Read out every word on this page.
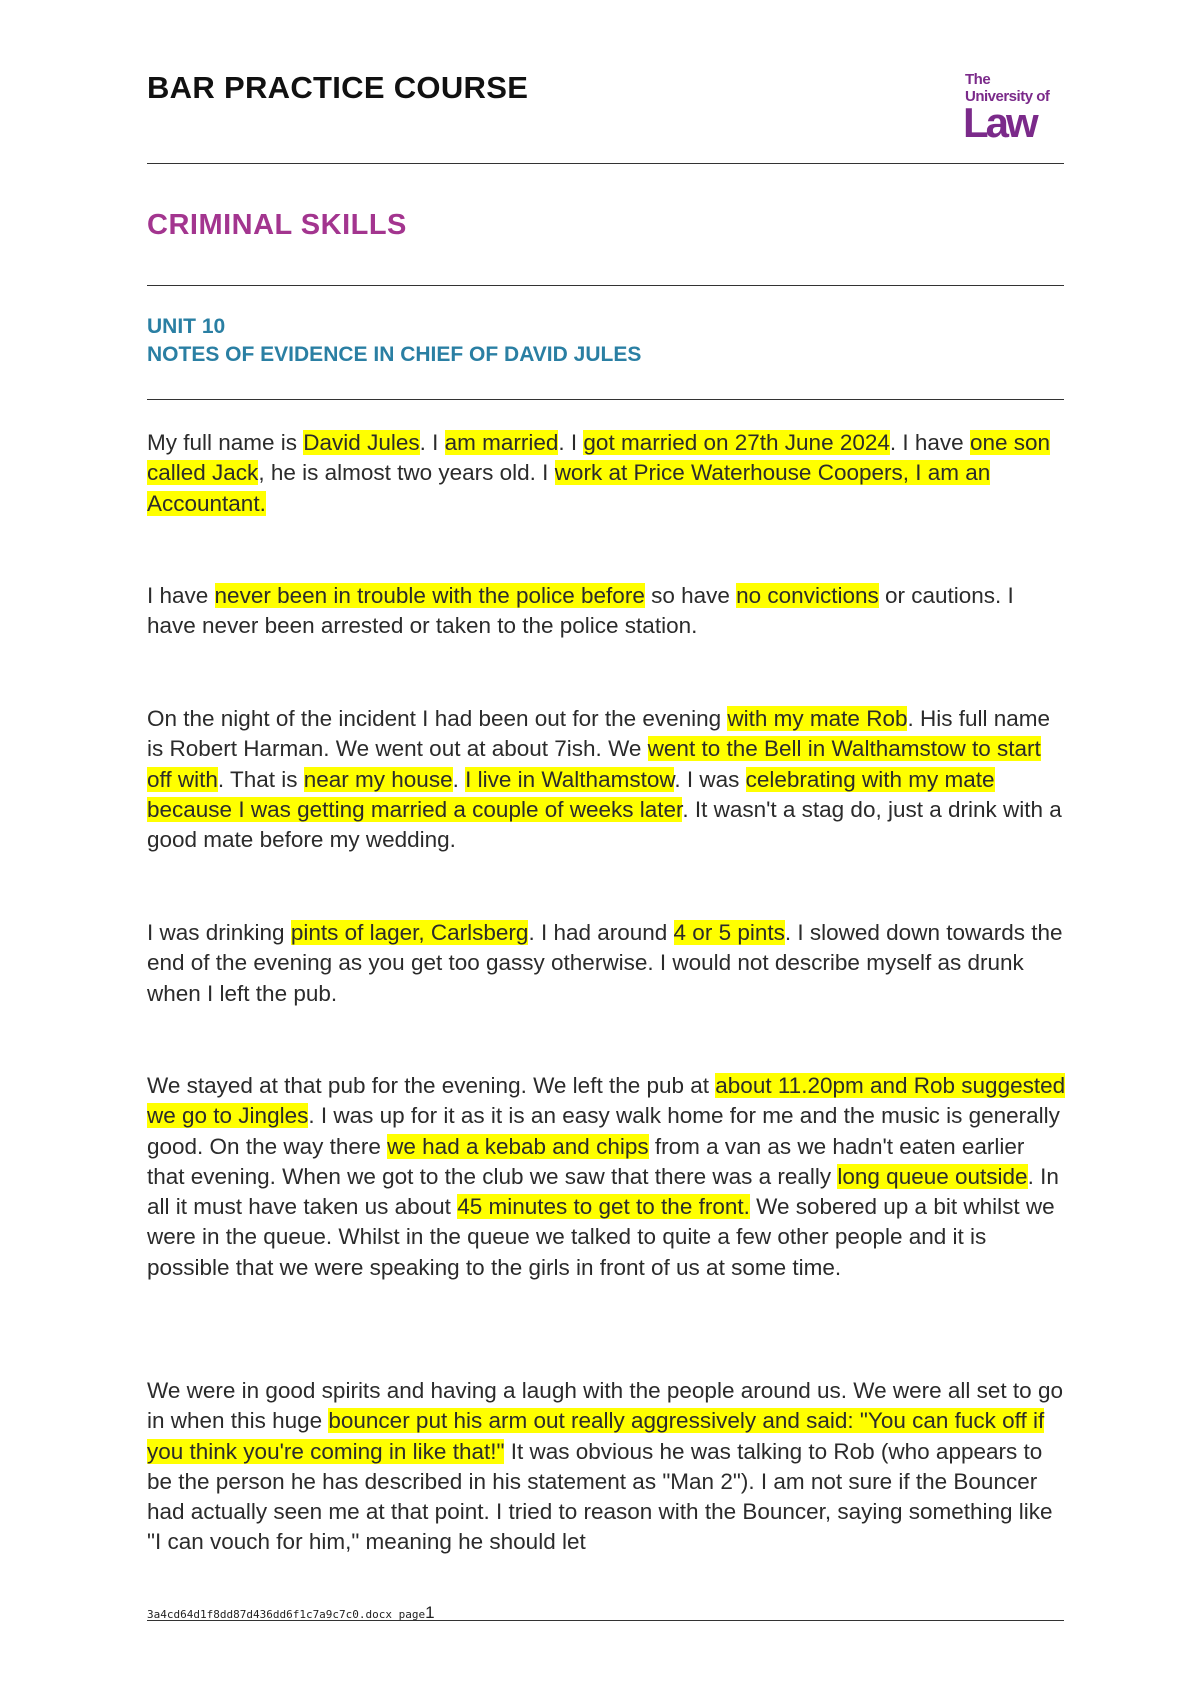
BAR PRACTICE COURSE	The
University of
Law
CRIMINAL SKILLS
UNIT 10
NOTES OF EVIDENCE IN CHIEF OF DAVID JULES

My full name is David Jules. I am married. I got married on 27th June 2024. I have one son called Jack, he is almost two years old. I work at Price Waterhouse Coopers, I am an Accountant.

I have never been in trouble with the police before so have no convictions or cautions. I have never been arrested or taken to the police station.

On the night of the incident I had been out for the evening with my mate Rob. His full name is Robert Harman. We went out at about 7ish. We went to the Bell in Walthamstow to start off with. That is near my house. I live in Walthamstow. I was celebrating with my mate because I was getting married a couple of weeks later. It wasn't a stag do, just a drink with a good mate before my wedding.

I was drinking pints of lager, Carlsberg. I had around 4 or 5 pints. I slowed down towards the end of the evening as you get too gassy otherwise. I would not describe myself as drunk when I left the pub.

We stayed at that pub for the evening. We left the pub at about 11.20pm and Rob suggested we go to Jingles. I was up for it as it is an easy walk home for me and the music is generally good. On the way there we had a kebab and chips from a van as we hadn't eaten earlier that evening. When we got to the club we saw that there was a really long queue outside. In all it must have taken us about 45 minutes to get to the front. We sobered up a bit whilst we were in the queue. Whilst in the queue we talked to quite a few other people and it is possible that we were speaking to the girls in front of us at some time.

We were in good spirits and having a laugh with the people around us. We were all set to go in when this huge bouncer put his arm out really aggressively and said: "You can fuck off if you think you're coming in like that!" It was obvious he was talking to Rob (who appears to be the person he has described in his statement as "Man 2"). I am not sure if the Bouncer had actually seen me at that point. I tried to reason with the Bouncer, saying something like "I can vouch for him," meaning he should let

3a4cd64d1f8dd87d436dd6f1c7a9c7c0.docx page1
